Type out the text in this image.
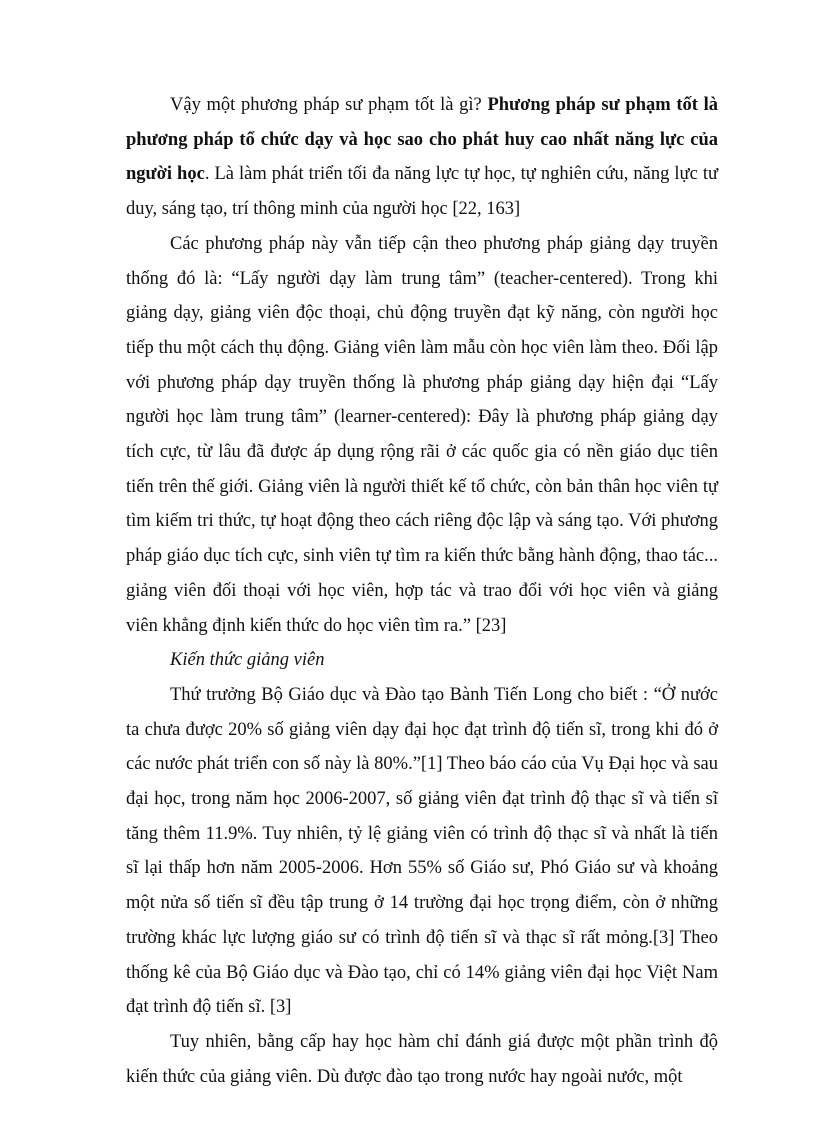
Vậy một phương pháp sư phạm tốt là gì? Phương pháp sư phạm tốt là phương pháp tổ chức dạy và học sao cho phát huy cao nhất năng lực của người học. Là làm phát triển tối đa năng lực tự học, tự nghiên cứu, năng lực tư duy, sáng tạo, trí thông minh của người học [22, 163]

Các phương pháp này vẫn tiếp cận theo phương pháp giảng dạy truyền thống đó là: “Lấy người dạy làm trung tâm” (teacher-centered). Trong khi giảng dạy, giảng viên độc thoại, chủ động truyền đạt kỹ năng, còn người học tiếp thu một cách thụ động. Giảng viên làm mẫu còn học viên làm theo. Đối lập với phương pháp dạy truyền thống là phương pháp giảng dạy hiện đại “Lấy người học làm trung tâm” (learner-centered): Đây là phương pháp giảng dạy tích cực, từ lâu đã được áp dụng rộng rãi ở các quốc gia có nền giáo dục tiên tiến trên thế giới. Giảng viên là người thiết kế tổ chức, còn bản thân học viên tự tìm kiếm tri thức, tự hoạt động theo cách riêng độc lập và sáng tạo. Với phương pháp giáo dục tích cực, sinh viên tự tìm ra kiến thức bằng hành động, thao tác... giảng viên đối thoại với học viên, hợp tác và trao đổi với học viên và giảng viên khẳng định kiến thức do học viên tìm ra.” [23]

Kiến thức giảng viên

Thứ trưởng Bộ Giáo dục và Đào tạo Bành Tiến Long cho biết : “Ở nước ta chưa được 20% số giảng viên dạy đại học đạt trình độ tiến sĩ, trong khi đó ở các nước phát triển con số này là 80%.”[1] Theo báo cáo của Vụ Đại học và sau đại học, trong năm học 2006-2007, số giảng viên đạt trình độ thạc sĩ và tiến sĩ tăng thêm 11.9%. Tuy nhiên, tỷ lệ giảng viên có trình độ thạc sĩ và nhất là tiến sĩ lại thấp hơn năm 2005-2006. Hơn 55% số Giáo sư, Phó Giáo sư và khoảng một nửa số tiến sĩ đều tập trung ở 14 trường đại học trọng điểm, còn ở những trường khác lực lượng giáo sư có trình độ tiến sĩ và thạc sĩ rất mỏng.[3] Theo thống kê của Bộ Giáo dục và Đào tạo, chỉ có 14% giảng viên đại học Việt Nam đạt trình độ tiến sĩ. [3]

Tuy nhiên, bằng cấp hay học hàm chỉ đánh giá được một phần trình độ kiến thức của giảng viên. Dù được đào tạo trong nước hay ngoài nước, một
